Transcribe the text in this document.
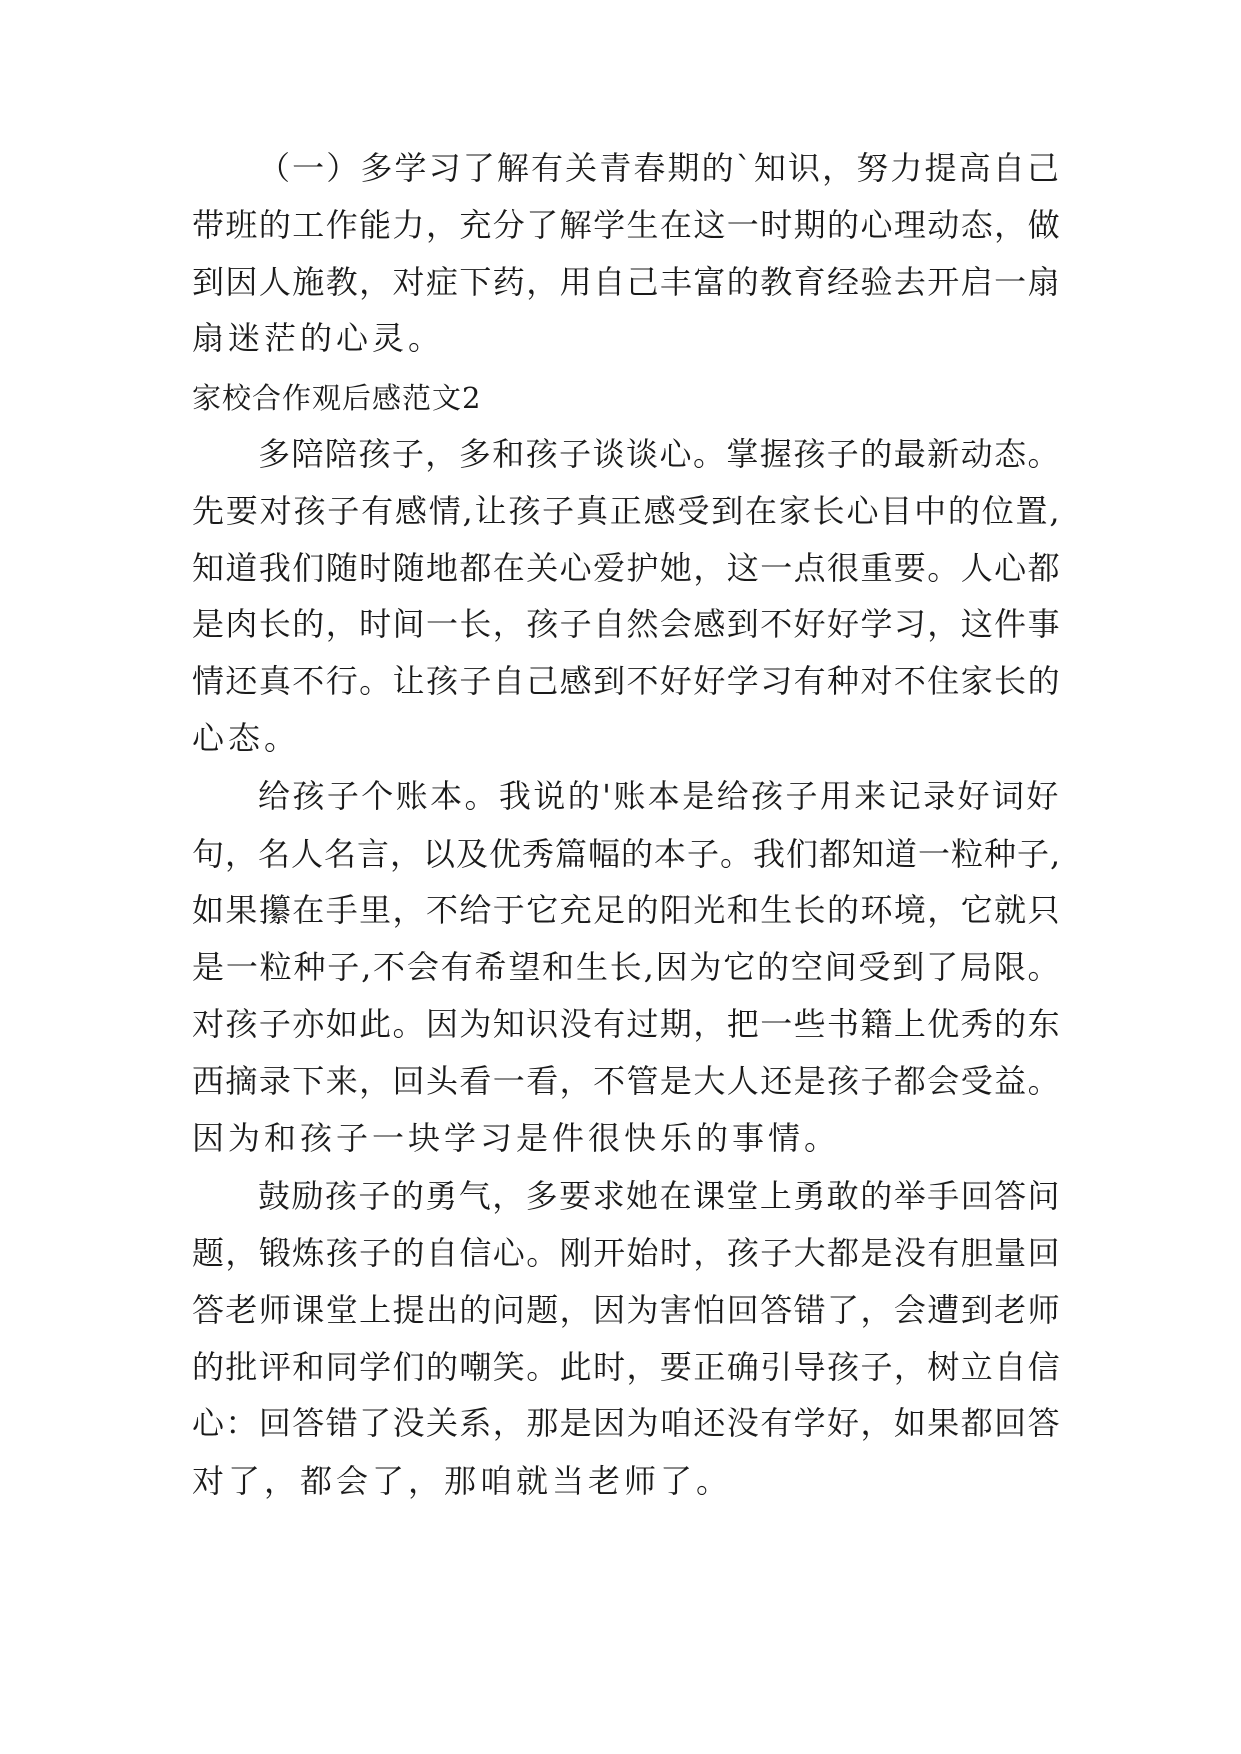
（一）多学习了解有关青春期的`知识，努力提高自己
带班的工作能力，充分了解学生在这一时期的心理动态，做
到因人施教，对症下药，用自己丰富的教育经验去开启一扇
扇迷茫的心灵。
家校合作观后感范文2
多陪陪孩子，多和孩子谈谈心。掌握孩子的最新动态。
先要对孩子有感情,让孩子真正感受到在家长心目中的位置,
知道我们随时随地都在关心爱护她，这一点很重要。人心都
是肉长的，时间一长，孩子自然会感到不好好学习，这件事
情还真不行。让孩子自己感到不好好学习有种对不住家长的
心态。
给孩子个账本。我说的'账本是给孩子用来记录好词好
句，名人名言，以及优秀篇幅的本子。我们都知道一粒种子,
如果攥在手里，不给于它充足的阳光和生长的环境，它就只
是一粒种子,不会有希望和生长,因为它的空间受到了局限。
对孩子亦如此。因为知识没有过期，把一些书籍上优秀的东
西摘录下来，回头看一看，不管是大人还是孩子都会受益。
因为和孩子一块学习是件很快乐的事情。
鼓励孩子的勇气，多要求她在课堂上勇敢的举手回答问
题，锻炼孩子的自信心。刚开始时，孩子大都是没有胆量回
答老师课堂上提出的问题，因为害怕回答错了，会遭到老师
的批评和同学们的嘲笑。此时，要正确引导孩子，树立自信
心：回答错了没关系，那是因为咱还没有学好，如果都回答
对了，都会了，那咱就当老师了。
